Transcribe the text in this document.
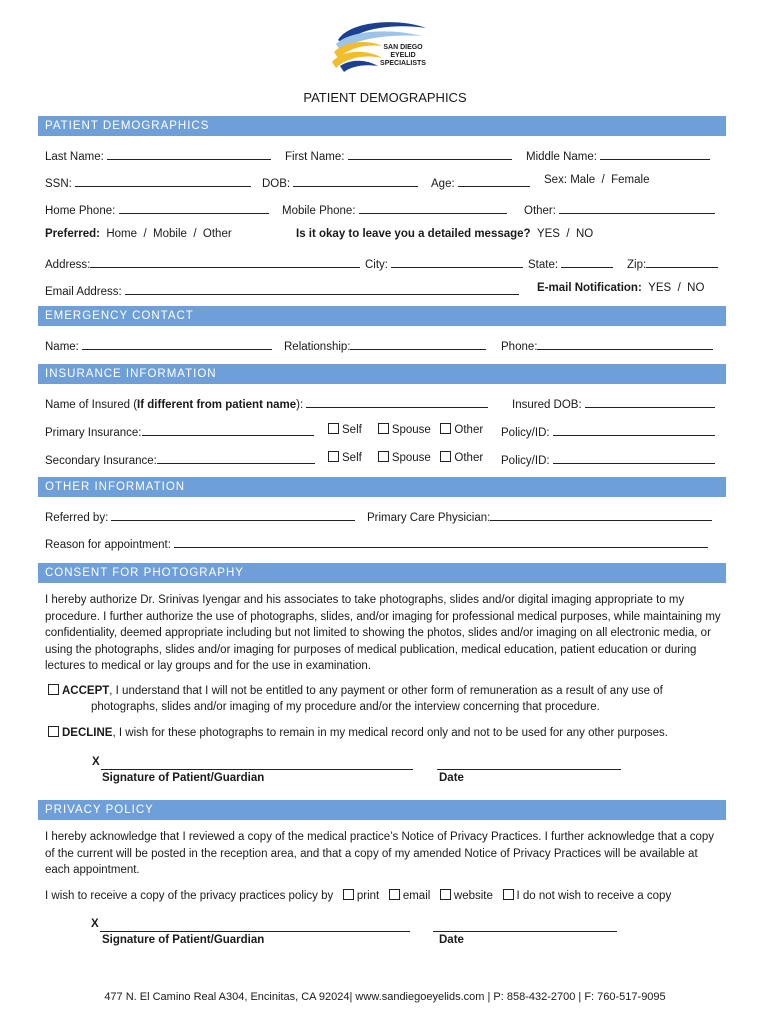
SAN DIEGO
EYELID
SPECIALISTS
PATIENT DEMOGRAPHICS
PATIENT DEMOGRAPHICS
Last Name:	First Name:	Middle Name:
SSN:	DOB:	Age:	Sex: Male / Female
Home Phone:	Mobile Phone:	Other:
Preferred: Home / Mobile / Other	Is it okay to leave you a detailed message? YES / NO
Address:	City:	State:	Zip:
Email Address:	E-mail Notification: YES / NO
EMERGENCY CONTACT
Name:	Relationship:	Phone:
INSURANCE INFORMATION
Name of Insured (If different from patient name):	Insured DOB:
Primary Insurance:	Self	Spouse Other Policy/ID:
Secondary Insurance:	Self	Spouse Other Policy/ID:
OTHER INFORMATION
Referred by:	Primary Care Physician:
Reason for appointment:
CONSENT FOR PHOTOGRAPHY
I hereby authorize Dr. Srinivas Iyengar and his associates to take photographs, slides and/or digital imaging appropriate to my procedure. I further authorize the use of photographs, slides, and/or imaging for professional medical purposes, while maintaining my confidentiality, deemed appropriate including but not limited to showing the photos, slides and/or imaging on all electronic media, or using the photographs, slides and/or imaging for purposes of medical publication, medical education, patient education or during lectures to medical or lay groups and for the use in examination.
ACCEPT, I understand that I will not be entitled to any payment or other form of remuneration as a result of any use of
photographs, slides and/or imaging of my procedure and/or the interview concerning that procedure.
DECLINE, I wish for these photographs to remain in my medical record only and not to be used for any other purposes.
X
Signature of Patient/Guardian	Date
PRIVACY POLICY
I hereby acknowledge that I reviewed a copy of the medical practice’s Notice of Privacy Practices. I further acknowledge that a copy of the current will be posted in the reception area, and that a copy of my amended Notice of Privacy Practices will be available at each appointment.
I wish to receive a copy of the privacy practices policy by print email website I do not wish to receive a copy
X
Signature of Patient/Guardian	Date
477 N. El Camino Real A304, Encinitas, CA 92024| www.sandiegoeyelids.com | P: 858-432-2700 | F: 760-517-9095
